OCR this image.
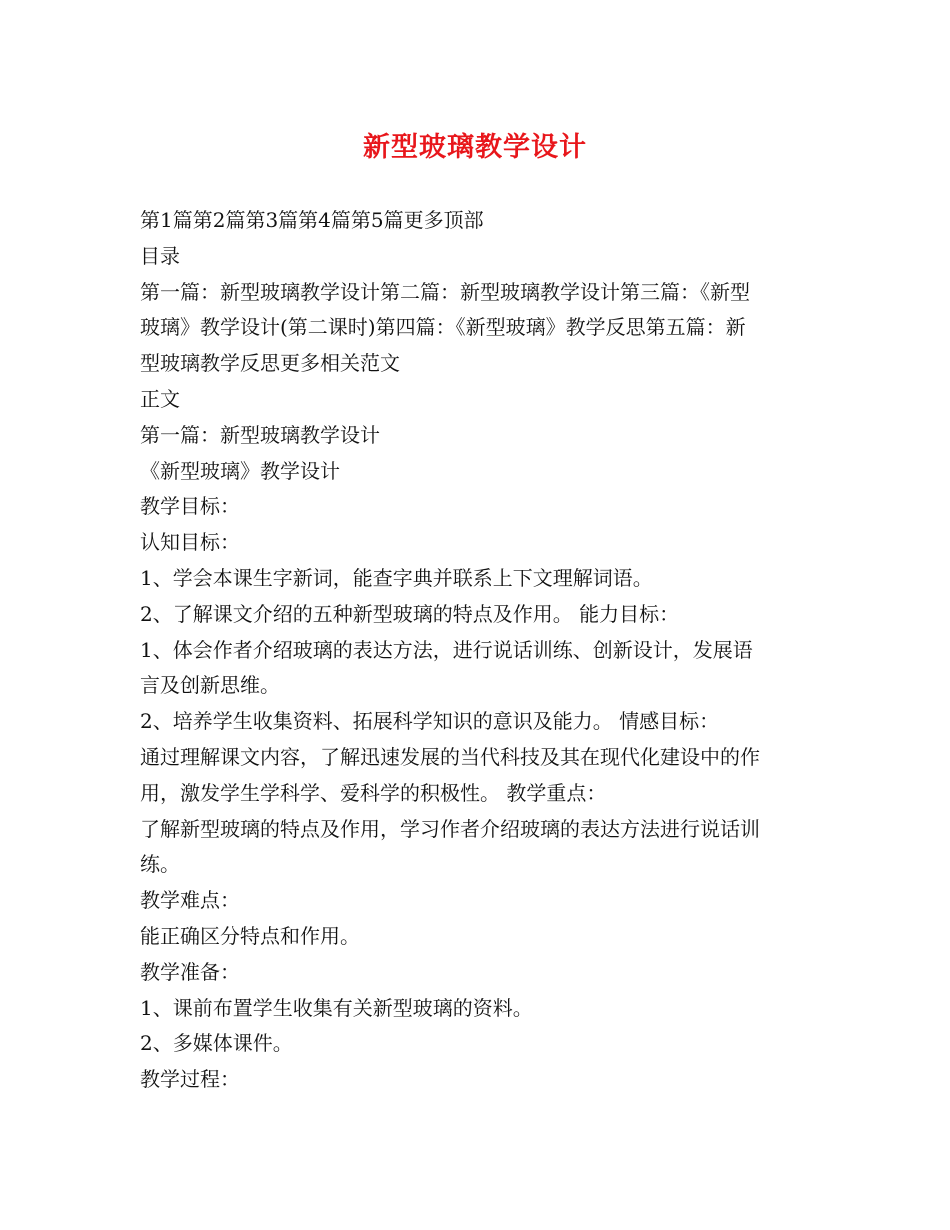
新型玻璃教学设计
第1篇第2篇第3篇第4篇第5篇更多顶部
目录
第一篇：新型玻璃教学设计第二篇：新型玻璃教学设计第三篇：《新型
玻璃》教学设计(第二课时)第四篇：《新型玻璃》教学反思第五篇：新
型玻璃教学反思更多相关范文
正文
第一篇：新型玻璃教学设计
《新型玻璃》教学设计
教学目标：
认知目标：
1、学会本课生字新词，能查字典并联系上下文理解词语。
2、了解课文介绍的五种新型玻璃的特点及作用。 能力目标：
1、体会作者介绍玻璃的表达方法，进行说话训练、创新设计，发展语
言及创新思维。
2、培养学生收集资料、拓展科学知识的意识及能力。 情感目标：
通过理解课文内容，了解迅速发展的当代科技及其在现代化建设中的作
用，激发学生学科学、爱科学的积极性。 教学重点：
了解新型玻璃的特点及作用，学习作者介绍玻璃的表达方法进行说话训
练。
教学难点：
能正确区分特点和作用。
教学准备：
1、课前布置学生收集有关新型玻璃的资料。
2、多媒体课件。
教学过程：
